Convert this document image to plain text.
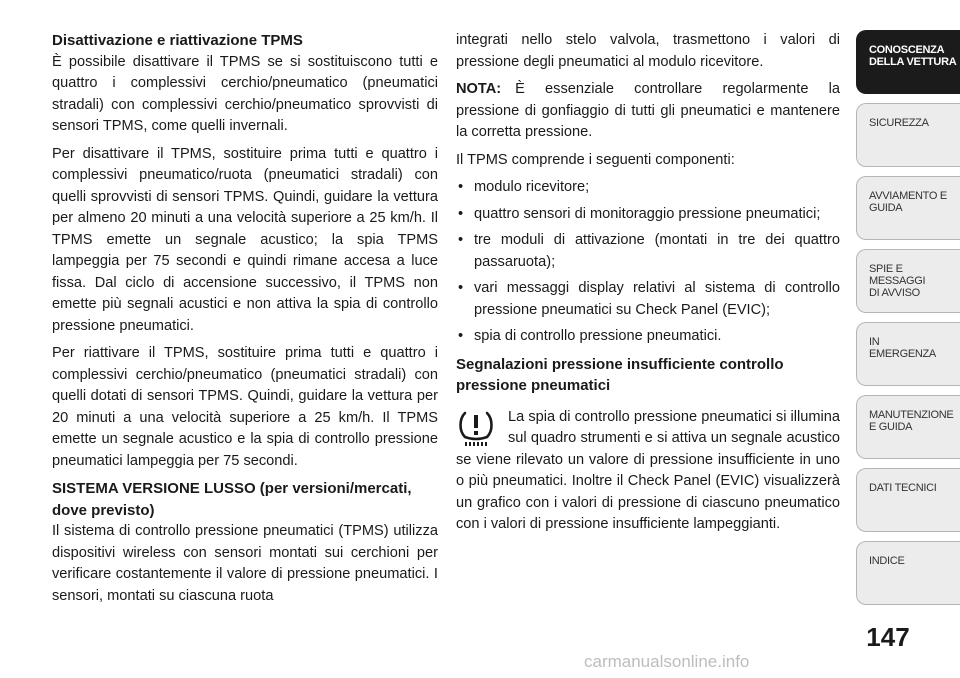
Disattivazione e riattivazione TPMS

È possibile disattivare il TPMS se si sostituiscono tutti e quattro i complessivi cerchio/pneumatico (pneumatici stradali) con complessivi cerchio/pneumatico sprovvisti di sensori TPMS, come quelli invernali.

Per disattivare il TPMS, sostituire prima tutti e quattro i complessivi pneumatico/ruota (pneumatici stradali) con quelli sprovvisti di sensori TPMS. Quindi, guidare la vettura per almeno 20 minuti a una velocità superiore a 25 km/h. Il TPMS emette un segnale acustico; la spia TPMS lampeggia per 75 secondi e quindi rimane accesa a luce fissa. Dal ciclo di accensione successivo, il TPMS non emette più segnali acustici e non attiva la spia di controllo pressione pneumatici.

Per riattivare il TPMS, sostituire prima tutti e quattro i complessivi cerchio/pneumatico (pneumatici stradali) con quelli dotati di sensori TPMS. Quindi, guidare la vettura per 20 minuti a una velocità superiore a 25 km/h. Il TPMS emette un segnale acustico e la spia di controllo pressione pneumatici lampeggia per 75 secondi.

SISTEMA VERSIONE LUSSO (per versioni/mercati, dove previsto)

Il sistema di controllo pressione pneumatici (TPMS) utilizza dispositivi wireless con sensori montati sui cerchioni per verificare costantemente il valore di pressione pneumatici. I sensori, montati su ciascuna ruota

integrati nello stelo valvola, trasmettono i valori di pressione degli pneumatici al modulo ricevitore.

NOTA: È essenziale controllare regolarmente la pressione di gonfiaggio di tutti gli pneumatici e mantenere la corretta pressione.

Il TPMS comprende i seguenti componenti:

• modulo ricevitore;
• quattro sensori di monitoraggio pressione pneumatici;
• tre moduli di attivazione (montati in tre dei quattro passaruota);
• vari messaggi display relativi al sistema di controllo pressione pneumatici su Check Panel (EVIC);
• spia di controllo pressione pneumatici.
Segnalazioni pressione insufficiente controllo pressione pneumatici

La spia di controllo pressione pneumatici si illumina sul quadro strumenti e si attiva un segnale acustico se viene rilevato un valore di pressione insufficiente in uno o più pneumatici. Inoltre il Check Panel (EVIC) visualizzerà un grafico con i valori di pressione di ciascuno pneumatico con i valori di pressione insufficiente lampeggianti.

CONOSCENZA
DELLA VETTURA
SICUREZZA
AVVIAMENTO E
GUIDA
SPIE E
MESSAGGI
DI AVVISO
IN
EMERGENZA
MANUTENZIONE
E GUIDA
DATI TECNICI
INDICE
147
carmanualsonline.info
